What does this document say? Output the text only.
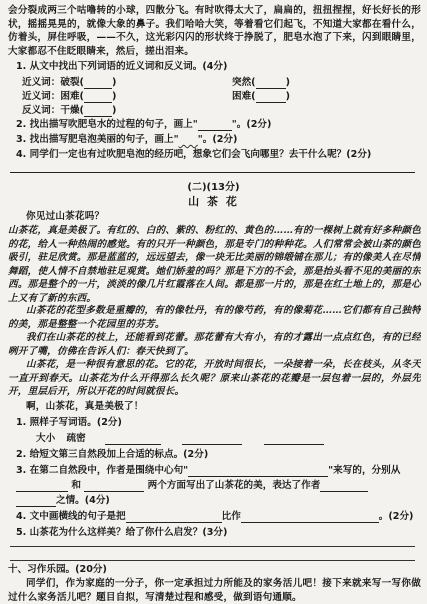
会分裂成两三个咕噜转的小球，四散分飞。有时吹得太大了，扁扁的，扭扭捏捏，好长好长的形状，摇摇晃晃的，就像大象的鼻子。我们哈哈大笑，等着看它们起飞，不知道大家都在看什么，仿着头，屏住呼吸，——不久，这光彩闪闪的形状终于挣脱了，肥皂水泡了下来，闪到眼睛里，大家都忍不住眨眼睛来，然后，搓出泪来。

1. 从文中找出下列词语的近义词和反义词。(4分)
近义词：破裂(	)	突然(	)
近义词：困难(	)	困难(	)
反义词：干燥(	)
2. 找出描写吹肥皂水的过程的句子，画上"	"。(2分)
3. 找出描写肥皂泡美丽的句子，画上"   "。(2分)
4. 同学们一定也有过吹肥皂泡的经历吧，想象它们会飞向哪里？去干什么呢？(2分)
(二)(13分)
山 茶 花

你见过山茶花吗？

山茶花，真是美极了。有红的、白的、紫的、粉红的、黄色的……有的一棵树上就有好多种颜色的花，给人一种热闹的感觉。有的只开一种颜色，那是专门的种种花。人们常常会被山茶的颜色吸引，驻足欣赏。那是蓝蓝的，远远望去，像一块无比美丽的锦缎铺在那儿；有的像美人在尽情舞蹈，使人情不自禁地驻足观赏。她们娇羞的吗？那是下方的不会，那是抬头看不见的美丽的东西。那是整个的一片，淡淡的像几片红霞落在人间。都是那一片的，那是在红土地上的，那是心上又有了新的东西。

山茶花的花型多数是重瓣的，有的像牡丹，有的像芍药，有的像菊花……它们都有自己独特的美，那是整整一个花园里的芬芳。

我们在山茶花的枝上，还能看到花蕾。那花蕾有大有小，有的才露出一点点红色，有的已经咧开了嘴，仿佛在告诉人们：春天快到了。

山茶花，是一种很有意思的花。它的花，开放时间很长，一朵接着一朵，长在枝头，从冬天一直开到春天。山茶花为什么开得那么长久呢？原来山茶花的花瓣是一层包着一层的，外层先开，里层后开，所以开花的时间就很长。

啊，山茶花，真是美极了！

1. 照样子写词语。(2分)
大小 疏密
2. 给短文第三自然段加上合适的标点。(2分)
3. 在第二自然段中，作者是围绕中心句"	"来写的，分别从
和	两个方面写出了山茶花的美，表达了作者
之情。(4分)
4. 文中画横线的句子是把	比作	。(2分)
5. 山茶花为什么这样美？给了你什么启发？(3分)
十、习作乐园。(20分)

同学们，作为家庭的一分子，你一定承担过力所能及的家务活儿吧！接下来就来写一写你做过什么家务活儿吧？题目自拟，写清楚过程和感受，做到语句通顺。
